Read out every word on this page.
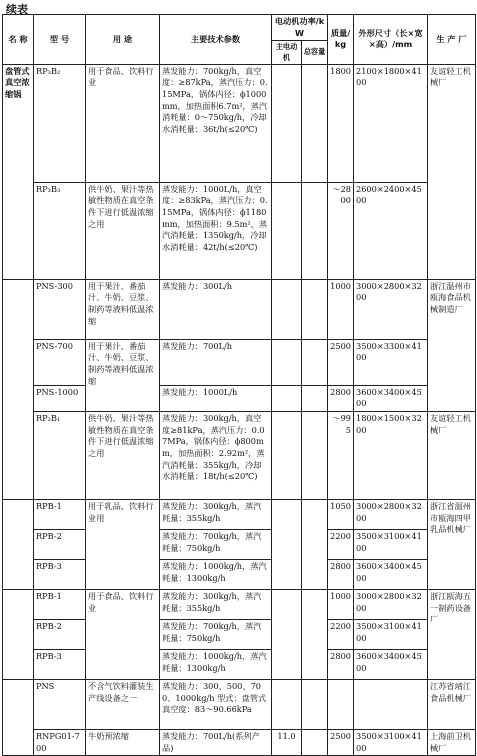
续表
名 称	型 号	用 途	主要技术参数	电动机功率/kW		质量/kg	外形尺寸（长×宽×高）/mm	生 产 厂
				主电动机	总容量			
盘管式真空浓缩锅	RP₃B₂	用于食品、饮料行业	蒸发能力：700kg/h，真空度：≥87kPa，蒸汽压力：0.15MPa，锅体内径：ϕ1000mm，加热面积6.7m²，蒸汽消耗量：0～750kg/h，冷却水消耗量：36t/h(≤20℃)			1800	2100×1800×4100	友谊轻工机械厂
	RP₃B₃	供牛奶、果汁等热敏性物质在真空条件下进行低温浓缩之用	蒸发能力：1000L/h，真空度：≥83kPa，蒸汽压力：0.15MPa，锅体内径：ϕ1180mm，加热面积：9.5m²，蒸汽消耗量：1350kg/h，冷却水消耗量：42t/h(≤20℃)			～2800	2600×2400×4500	
	PNS-300	用于果汁、番茄汁、牛奶、豆浆、制药等液料低温浓缩	蒸发能力：300L/h			1000	3000×2800×3200	浙江温州市瓯海食品机械制造厂
	PNS-700	用于果汁、番茄汁、牛奶、豆浆、制药等液料低温浓缩	蒸发能力：700L/h			2500	3500×3300×4100	
	PNS-1000		蒸发能力：1000L/h			2800	3600×3400×4500	
	RP₃B₁	供牛奶、果汁等热敏性物质在真空条件下进行低温浓缩之用	蒸发能力：300kg/h，真空度≥81kPa，蒸汽压力：0.07MPa，锅体内径：ϕ800mm，加热面积：2.92m²，蒸汽消耗量：355kg/h，冷却水消耗量：18t/h(≤20℃)			～995	1800×1500×3200	友谊轻工机械厂
	RPB-1	用于乳品、饮料行业用	蒸发能力：300kg/h，蒸汽耗量：355kg/h			1050	3000×2800×3200	浙江省温州市瓯海四甲乳品机械厂
	RPB-2		蒸发能力：700kg/h，蒸汽耗量：750kg/h			2200	3500×3100×4100	
	RPB-3		蒸发能力：1000kg/h，蒸汽耗量：1300kg/h			2800	3600×3400×4500	
	RPB-1	用于食品、饮料行业	蒸发能力：300kg/h，蒸汽耗量：355kg/h			1000	3000×2800×3200	浙江瓯海五一制药设备厂
	RPB-2		蒸发能力：700kg/h，蒸汽耗量：750kg/h			2200	3500×3100×4100	
	RPB-3		蒸发能力：1000kg/h，蒸汽耗量：1300kg/h			2800	3600×3400×4500	
	PNS	不含气饮料灌装生产线设备之一	蒸发能力：300、500、700、1000kg/h 型式：盘管式 真空度：83～90.66kPa					江苏省靖江食品机械厂
	RNPG01-700	牛奶预浓缩	蒸发能力：700L/h(系列产品)	11.0		2500	3500×3100×4100	上海前卫机械厂
